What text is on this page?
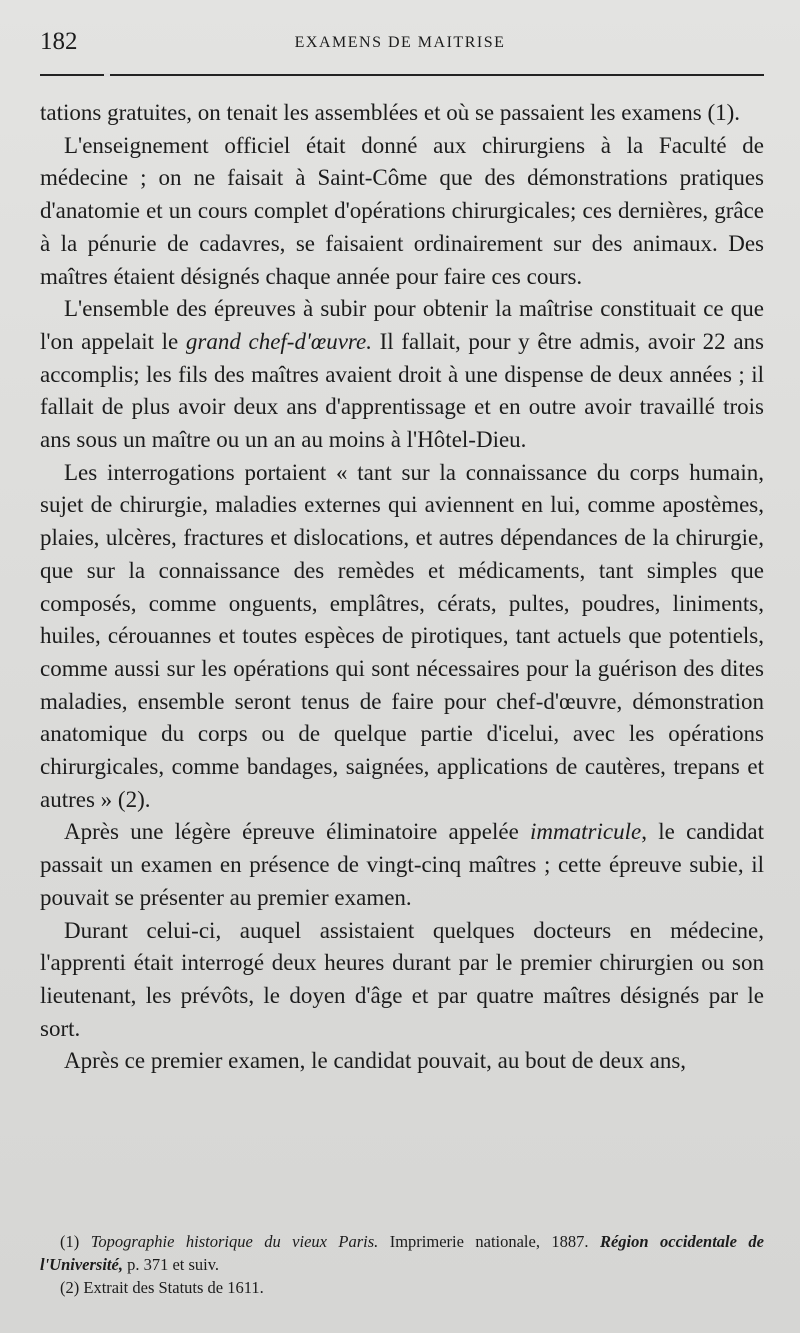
182	EXAMENS DE MAITRISE

tations gratuites, on tenait les assemblées et où se passaient les examens (1).

L'enseignement officiel était donné aux chirurgiens à la Faculté de médecine ; on ne faisait à Saint-Côme que des démonstrations pratiques d'anatomie et un cours complet d'opérations chirurgicales; ces dernières, grâce à la pénurie de cadavres, se faisaient ordinairement sur des animaux. Des maîtres étaient désignés chaque année pour faire ces cours.

L'ensemble des épreuves à subir pour obtenir la maîtrise constituait ce que l'on appelait le grand chef-d'œuvre. Il fallait, pour y être admis, avoir 22 ans accomplis; les fils des maîtres avaient droit à une dispense de deux années ; il fallait de plus avoir deux ans d'apprentissage et en outre avoir travaillé trois ans sous un maître ou un an au moins à l'Hôtel-Dieu.

Les interrogations portaient « tant sur la connaissance du corps humain, sujet de chirurgie, maladies externes qui aviennent en lui, comme apostèmes, plaies, ulcères, fractures et dislocations, et autres dépendances de la chirurgie, que sur la connaissance des remèdes et médicaments, tant simples que composés, comme onguents, emplâtres, cérats, pultes, poudres, liniments, huiles, cérouannes et toutes espèces de pirotiques, tant actuels que potentiels, comme aussi sur les opérations qui sont nécessaires pour la guérison des dites maladies, ensemble seront tenus de faire pour chef-d'œuvre, démonstration anatomique du corps ou de quelque partie d'icelui, avec les opérations chirurgicales, comme bandages, saignées, applications de cautères, trepans et autres » (2).

Après une légère épreuve éliminatoire appelée immatricule, le candidat passait un examen en présence de vingt-cinq maîtres ; cette épreuve subie, il pouvait se présenter au premier examen.

Durant celui-ci, auquel assistaient quelques docteurs en médecine, l'apprenti était interrogé deux heures durant par le premier chirurgien ou son lieutenant, les prévôts, le doyen d'âge et par quatre maîtres désignés par le sort.

Après ce premier examen, le candidat pouvait, au bout de deux ans,

(1) Topographie historique du vieux Paris. Imprimerie nationale, 1887. Région occidentale de l'Université, p. 371 et suiv.

(2) Extrait des Statuts de 1611.
